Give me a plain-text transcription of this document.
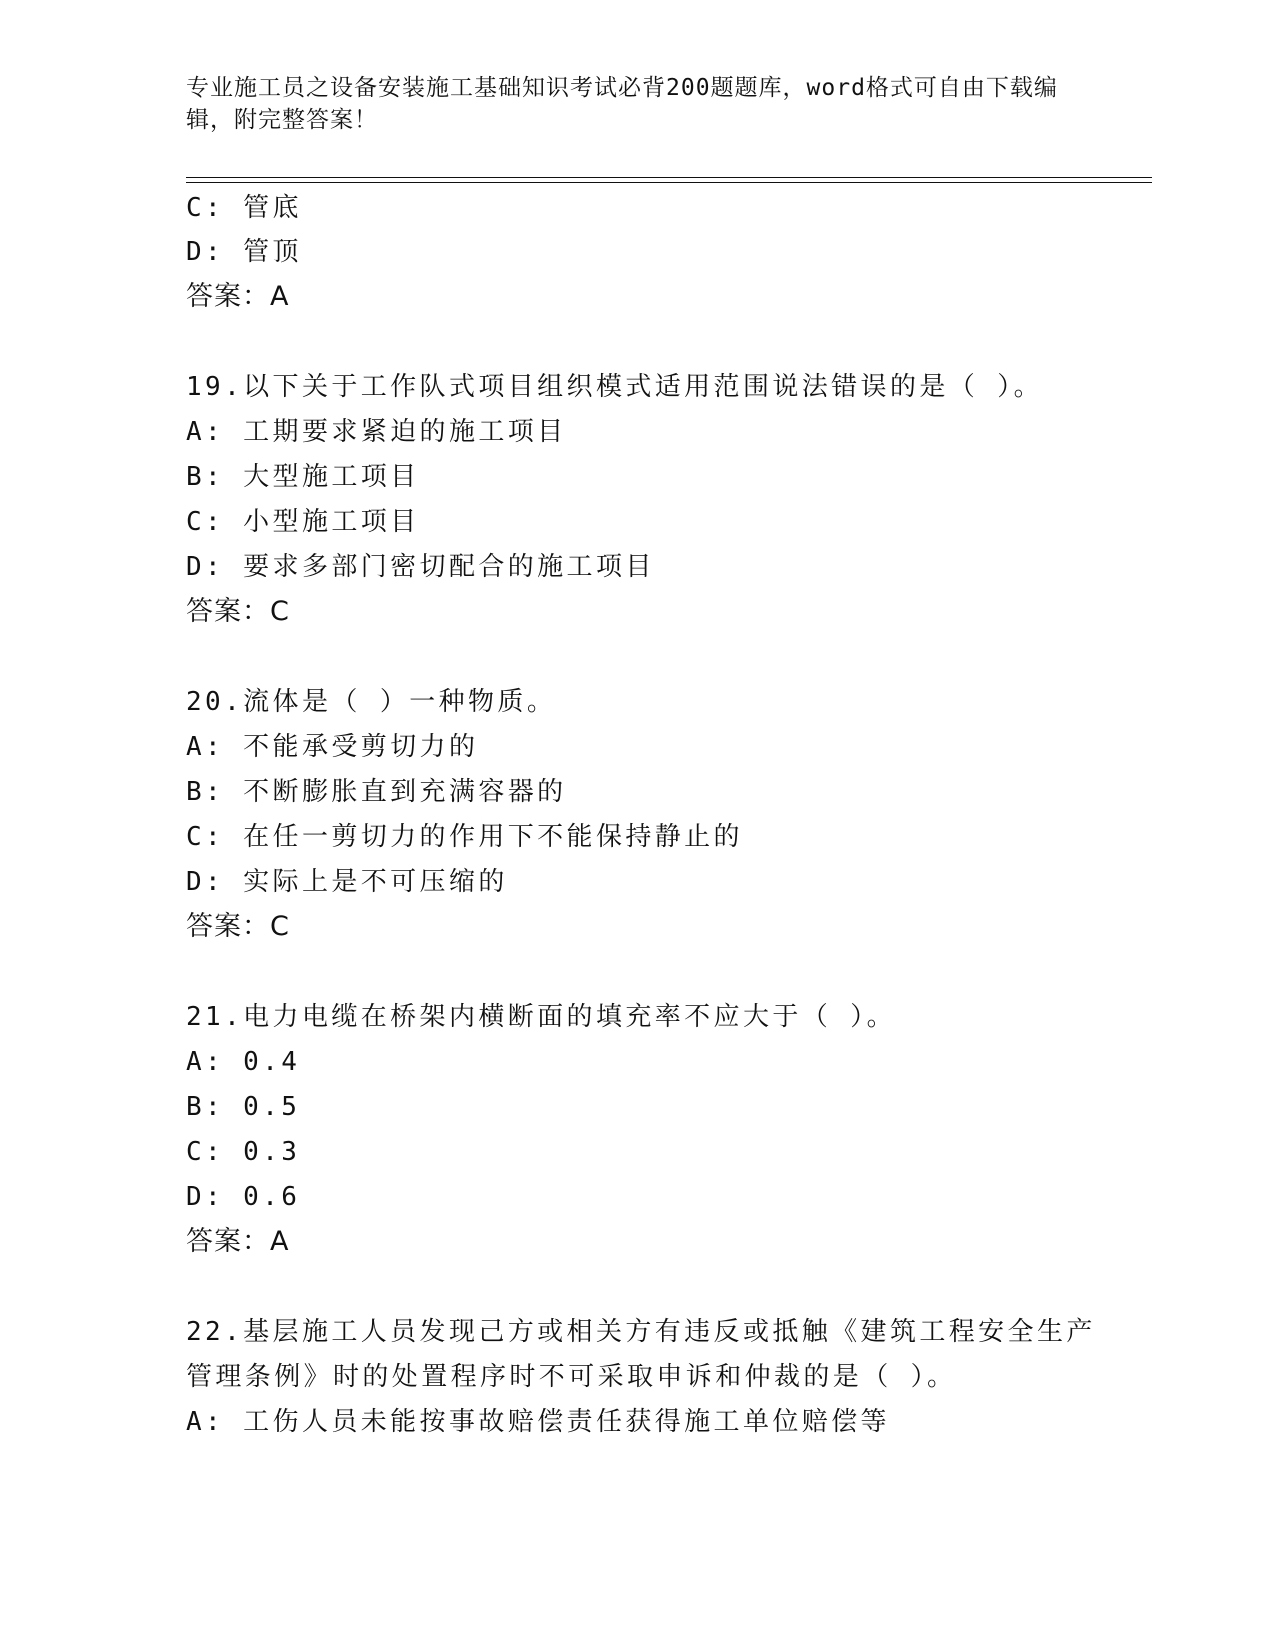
专业施工员之设备安装施工基础知识考试必背200题题库，word格式可自由下载编辑，附完整答案！
C: 管底
D: 管顶
答案：A
19.以下关于工作队式项目组织模式适用范围说法错误的是（ ）。
A: 工期要求紧迫的施工项目
B: 大型施工项目
C: 小型施工项目
D: 要求多部门密切配合的施工项目
答案：C
20.流体是（ ）一种物质。
A: 不能承受剪切力的
B: 不断膨胀直到充满容器的
C: 在任一剪切力的作用下不能保持静止的
D: 实际上是不可压缩的
答案：C
21.电力电缆在桥架内横断面的填充率不应大于（ ）。
A: 0.4
B: 0.5
C: 0.3
D: 0.6
答案：A
22.基层施工人员发现己方或相关方有违反或抵触《建筑工程安全生产
管理条例》时的处置程序时不可采取申诉和仲裁的是（ ）。
A: 工伤人员未能按事故赔偿责任获得施工单位赔偿等
